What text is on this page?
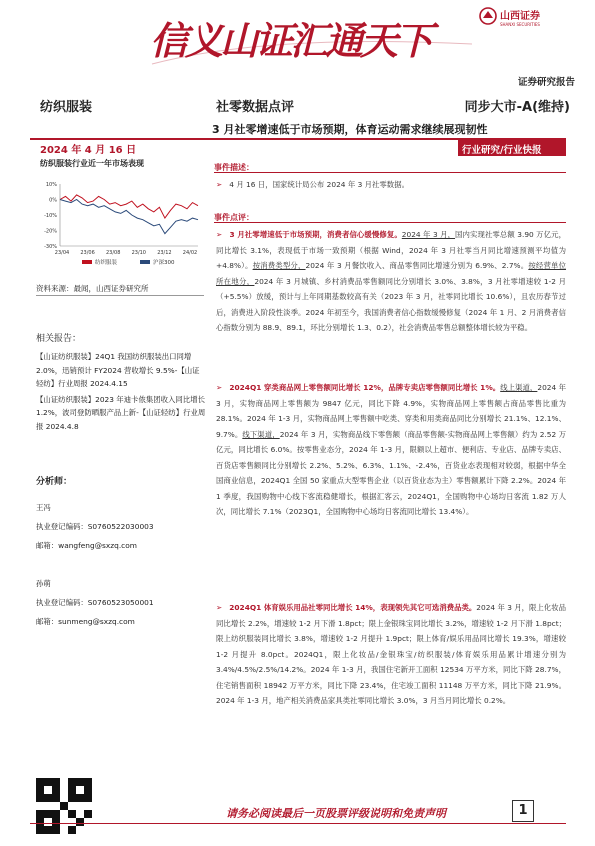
信义山证汇通天下
山西证券
SHANXI SECURITIES
证券研究报告
纺织服装	社零数据点评	同步大市-A(维持)
3 月社零增速低于市场预期，体育运动需求继续展现韧性
2024 年 4 月 16 日	行业研究/行业快报
纺织服装行业近一年市场表现
10%
0%
-10%
-20%
-30%
23/04 23/06 23/08 23/10 23/12 24/02
纺织服装	沪深300
资料来源：最闻，山西证券研究所
相关报告：
【山证纺织服装】24Q1 我国纺织服装出口同增 2.0%，迅销预计 FY2024 营收增长 9.5%-【山证轻纺】行业周报 2024.4.15
【山证纺织服装】2023 年迪卡侬集团收入同比增长 1.2%，波司登防晒服产品上新-【山证轻纺】行业周报 2024.4.8
分析师：
王冯
执业登记编码：S0760522030003
邮箱：wangfeng@sxzq.com
孙萌
执业登记编码：S0760523050001
邮箱：sunmeng@sxzq.com
事件描述：
➢ 4 月 16 日，国家统计局公布 2024 年 3 月社零数据。
事件点评：
➢ 3 月社零增速低于市场预期，消费者信心缓慢修复。2024 年 3 月，国内实现社零总额 3.90 万亿元，同比增长 3.1%，表现低于市场一致预期（根据 Wind，2024 年 3 月社零当月同比增速预测平均值为+4.8%）。按消费类型分，2024 年 3 月餐饮收入、商品零售同比增速分别为 6.9%、2.7%。按经营单位所在地分，2024 年 3 月城镇、乡村消费品零售额同比分别增长 3.0%、3.8%，3 月社零增速较 1-2 月（+5.5%）放缓，预计与上年同期基数较高有关（2023 年 3 月，社零同比增长 10.6%），且农历春节过后，消费进入阶段性淡季。2024 年初至今，我国消费者信心指数缓慢修复（2024 年 1 月、2 月消费者信心指数分别为 88.9、89.1，环比分别增长 1.3、0.2），社会消费品零售总额整体增长较为平稳。
➢ 2024Q1 穿类商品网上零售额同比增长 12%，品牌专卖店零售额同比增长 1%。线上渠道，2024 年 3 月，实物商品网上零售额为 9847 亿元，同比下降 4.9%，实物商品网上零售额占商品零售比重为 28.1%。2024 年 1-3 月，实物商品网上零售额中吃类、穿类和用类商品同比分别增长 21.1%、12.1%、9.7%。线下渠道，2024 年 3 月，实物商品线下零售额（商品零售额-实物商品网上零售额）约为 2.52 万亿元，同比增长 6.0%。按零售业态分，2024 年 1-3 月，限额以上超市、便利店、专业店、品牌专卖店、百货店零售额同比分别增长 2.2%、5.2%、6.3%、1.1%、-2.4%，百货业态表现相对较弱，根据中华全国商业信息，2024Q1 全国 50 家重点大型零售企业（以百货业态为主）零售额累计下降 2.2%。2024 年 1 季度，我国购物中心线下客流稳健增长，根据汇客云，2024Q1，全国购物中心场均日客流 1.82 万人次，同比增长 7.1%（2023Q1，全国购物中心场均日客流同比增长 13.4%）。
➢ 2024Q1 体育娱乐用品社零同比增长 14%，表现领先其它可选消费品类。2024 年 3 月，限上化妆品同比增长 2.2%，增速较 1-2 月下滑 1.8pct；限上金银珠宝同比增长 3.2%，增速较 1-2 月下滑 1.8pct；限上纺织服装同比增长 3.8%，增速较 1-2 月提升 1.9pct；限上体育/娱乐用品同比增长 19.3%，增速较 1-2 月提升 8.0pct。2024Q1，限上化妆品/金银珠宝/纺织服装/体育娱乐用品累计增速分别为 3.4%/4.5%/2.5%/14.2%。2024 年 1-3 月，我国住宅新开工面积 12534 万平方米，同比下降 28.7%，住宅销售面积 18942 万平方米，同比下降 23.4%，住宅竣工面积 11148 万平方米，同比下降 21.9%。2024 年 1-3 月，地产相关消费品家具类社零同比增长 3.0%，3 月当月同比增长 0.2%。
请务必阅读最后一页股票评级说明和免责声明	1
